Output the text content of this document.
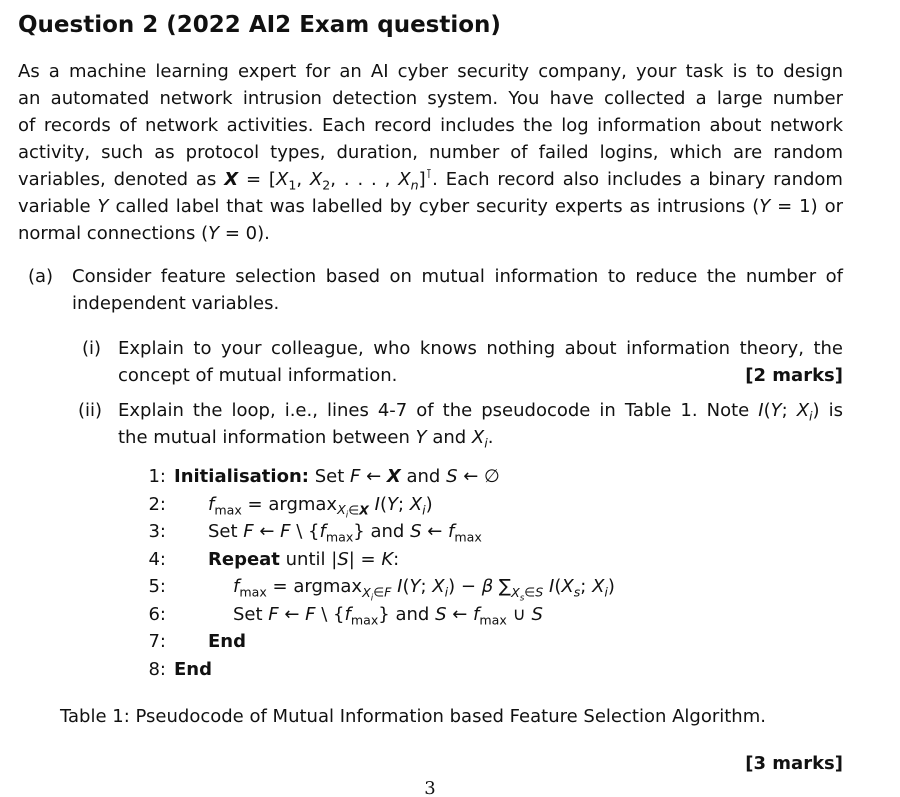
Question 2 (2022 AI2 Exam question)
As a machine learning expert for an AI cyber security company, your task is to design
an automated network intrusion detection system. You have collected a large number
of records of network activities. Each record includes the log information about network
activity, such as protocol types, duration, number of failed logins, which are random
variables, denoted as $X = [X_1$, $X_2$, . . . , $X_n]^⊺$. Each record also includes a binary random
variable Y called label that was labelled by cyber security experts as intrusions (Y = 1) or
normal connections (Y = 0).
(a) Consider feature selection based on mutual information to reduce the number of
independent variables.
(i) Explain to your colleague, who knows nothing about information theory, the
concept of mutual information.	[2 marks]
(ii) Explain the loop, i.e., lines 4-7 of the pseudocode in Table 1. Note I(Y; $X_i$) is
the mutual information between Y and $X_i$.
1: Initialisation: Set F ← X and S ← ∅
2: $f_{max} = argmax_{X_i\in X}$ I(Y; $X_i$)
3: Set F ← F \ $\{f_{max}\}$ and S ← $f_{max}$
4: Repeat until |S| = K:
5:	$f_{max} = argmax_{X_i\in F}$ I(Y; $X_i) - \beta$ $\sum_{X_s\in S}$ $I(X_s$; $X_i$)
6:	Set F ← F \ $\{f_{max}\}$ and S ← $f_{max}$ ∪ S
7: End
8: End
Table 1: Pseudocode of Mutual Information based Feature Selection Algorithm.
[3 marks]
3
